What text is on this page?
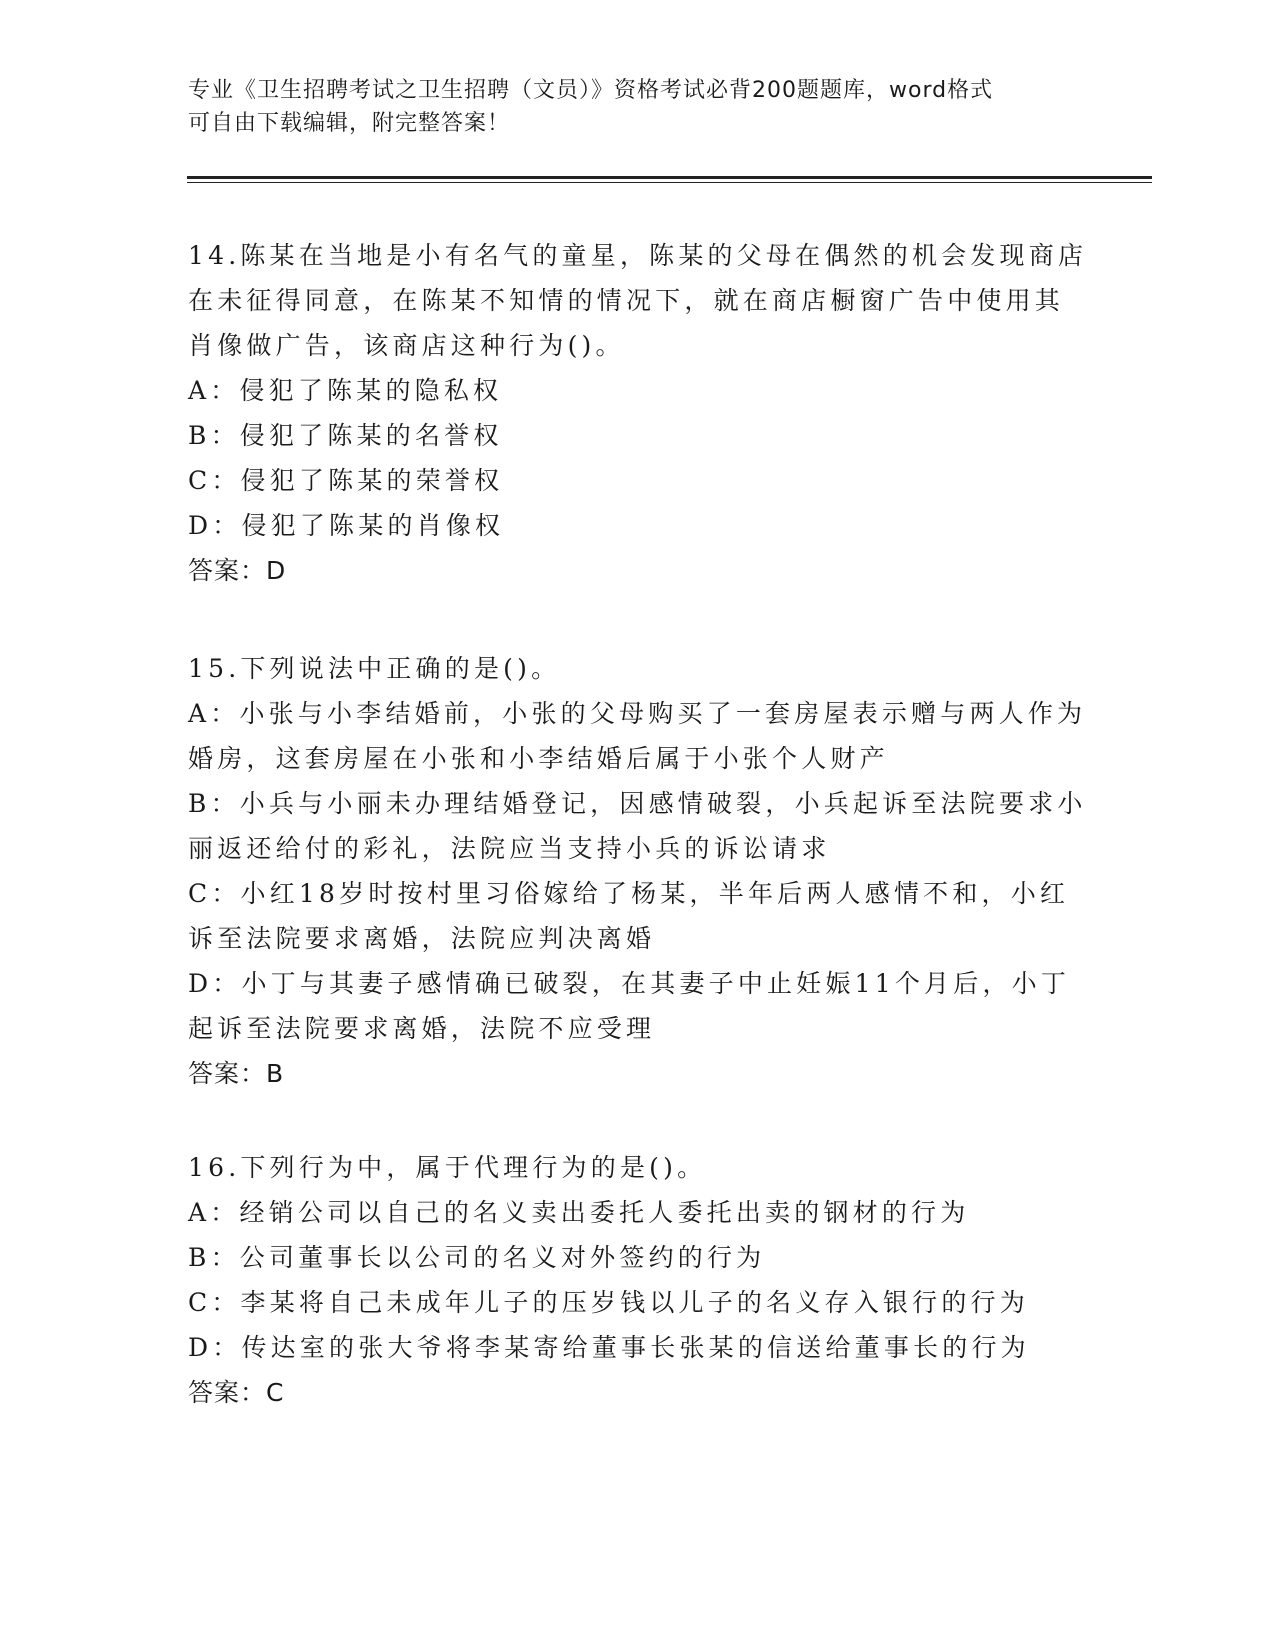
专业《卫生招聘考试之卫生招聘（文员）》资格考试必背200题题库，word格式
可自由下载编辑，附完整答案！

14.陈某在当地是小有名气的童星，陈某的父母在偶然的机会发现商店

在未征得同意，在陈某不知情的情况下，就在商店橱窗广告中使用其

肖像做广告，该商店这种行为()。

A：侵犯了陈某的隐私权

B：侵犯了陈某的名誉权

C：侵犯了陈某的荣誉权

D：侵犯了陈某的肖像权

答案：D

15.下列说法中正确的是()。

A：小张与小李结婚前，小张的父母购买了一套房屋表示赠与两人作为

婚房，这套房屋在小张和小李结婚后属于小张个人财产

B：小兵与小丽未办理结婚登记，因感情破裂，小兵起诉至法院要求小

丽返还给付的彩礼，法院应当支持小兵的诉讼请求

C：小红18岁时按村里习俗嫁给了杨某，半年后两人感情不和，小红

诉至法院要求离婚，法院应判决离婚

D：小丁与其妻子感情确已破裂，在其妻子中止妊娠11个月后，小丁

起诉至法院要求离婚，法院不应受理

答案：B

16.下列行为中，属于代理行为的是()。

A：经销公司以自己的名义卖出委托人委托出卖的钢材的行为

B：公司董事长以公司的名义对外签约的行为

C：李某将自己未成年儿子的压岁钱以儿子的名义存入银行的行为

D：传达室的张大爷将李某寄给董事长张某的信送给董事长的行为

答案：C
